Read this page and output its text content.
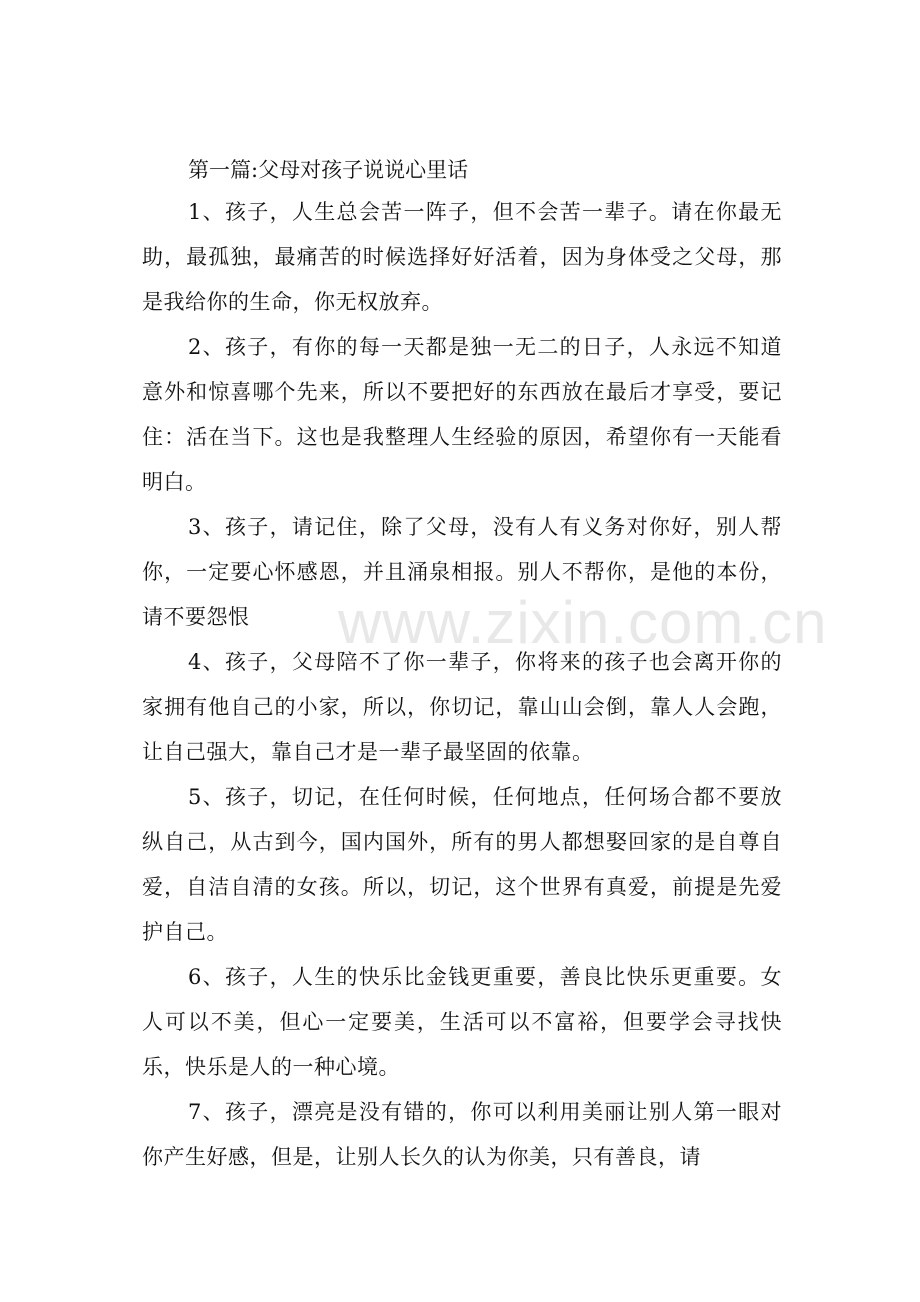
第一篇:父母对孩子说说心里话

1、孩子，人生总会苦一阵子，但不会苦一辈子。请在你最无助，最孤独，最痛苦的时候选择好好活着，因为身体受之父母，那是我给你的生命，你无权放弃。

2、孩子，有你的每一天都是独一无二的日子，人永远不知道意外和惊喜哪个先来，所以不要把好的东西放在最后才享受，要记住：活在当下。这也是我整理人生经验的原因，希望你有一天能看明白。

3、孩子，请记住，除了父母，没有人有义务对你好，别人帮你，一定要心怀感恩，并且涌泉相报。别人不帮你，是他的本份，请不要怨恨

4、孩子，父母陪不了你一辈子，你将来的孩子也会离开你的家拥有他自己的小家，所以，你切记，靠山山会倒，靠人人会跑，让自己强大，靠自己才是一辈子最坚固的依靠。

5、孩子，切记，在任何时候，任何地点，任何场合都不要放纵自己，从古到今，国内国外，所有的男人都想娶回家的是自尊自爱，自洁自清的女孩。所以，切记，这个世界有真爱，前提是先爱护自己。

6、孩子，人生的快乐比金钱更重要，善良比快乐更重要。女人可以不美，但心一定要美，生活可以不富裕，但要学会寻找快乐，快乐是人的一种心境。

7、孩子，漂亮是没有错的，你可以利用美丽让别人第一眼对你产生好感，但是，让别人长久的认为你美，只有善良，请

www.zixin.com.cn
